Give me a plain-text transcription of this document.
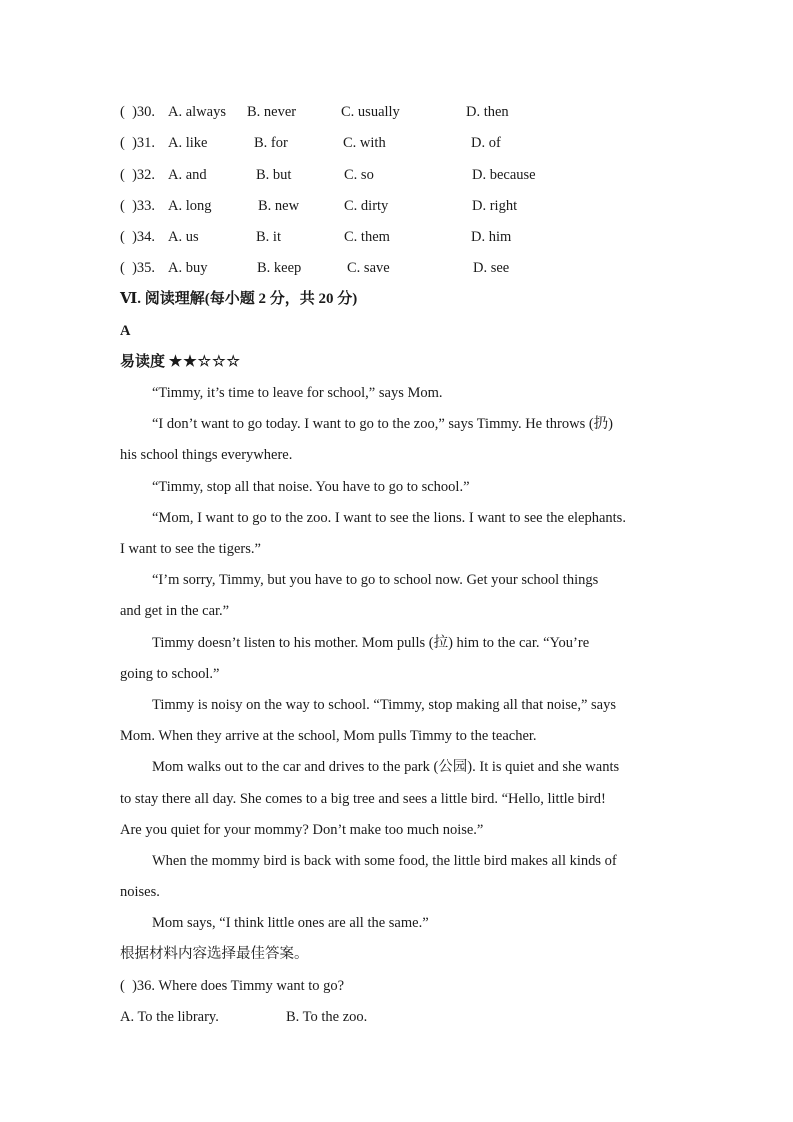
(  )30. A. always B. never	C. usually	D. then
(  )31. A. like	B. for	C. with	D. of
(  )32. A. and	B. but	C. so	D. because
(  )33. A. long	B. new	C. dirty	D. right
(  )34. A. us	B. it	C. them	D. him
(  )35. A. buy	B. keep	C. save	D. see
Ⅵ. 阅读理解(每小题 2 分，共 20 分)
A
易读度 ★★☆☆☆
“Timmy, it’s time to leave for school,” says Mom.
“I don’t want to go today. I want to go to the zoo,” says Timmy. He throws (扔)
his school things everywhere.
“Timmy, stop all that noise. You have to go to school.”
“Mom, I want to go to the zoo. I want to see the lions. I want to see the elephants.
I want to see the tigers.”
“I’m sorry, Timmy, but you have to go to school now. Get your school things
and get in the car.”
Timmy doesn’t listen to his mother. Mom pulls (拉) him to the car. “You’re
going to school.”
Timmy is noisy on the way to school. “Timmy, stop making all that noise,” says
Mom. When they arrive at the school, Mom pulls Timmy to the teacher.
Mom walks out to the car and drives to the park (公园). It is quiet and she wants
to stay there all day. She comes to a big tree and sees a little bird. “Hello, little bird!
Are you quiet for your mommy? Don’t make too much noise.”
When the mommy bird is back with some food, the little bird makes all kinds of
noises.
Mom says, “I think little ones are all the same.”
根据材料内容选择最佳答案。
(  )36. Where does Timmy want to go?
A. To the library.	B. To the zoo.
